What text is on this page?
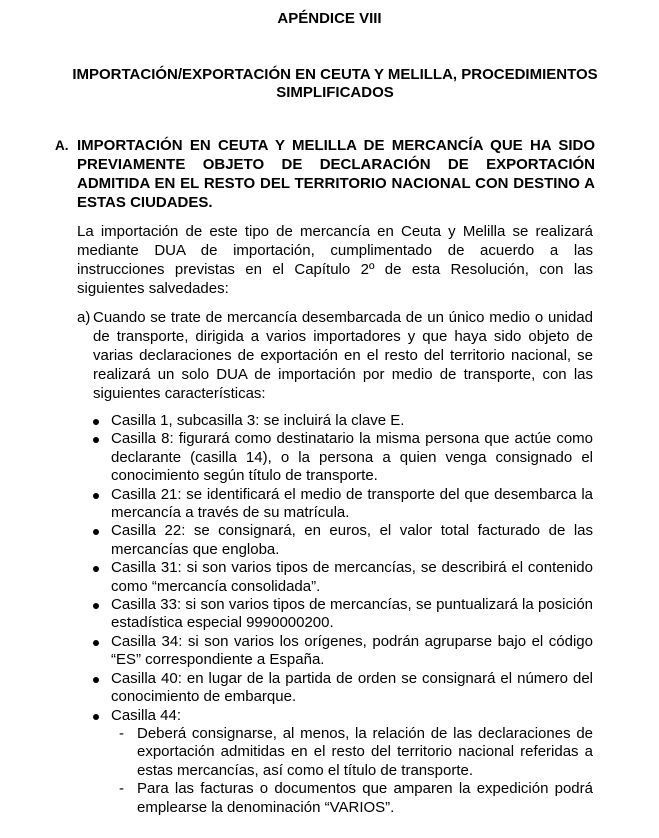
APÉNDICE VIII
IMPORTACIÓN/EXPORTACIÓN EN CEUTA Y MELILLA, PROCEDIMIENTOS
SIMPLIFICADOS
A. IMPORTACIÓN EN CEUTA Y MELILLA DE MERCANCÍA QUE HA SIDO PREVIAMENTE OBJETO DE DECLARACIÓN DE EXPORTACIÓN ADMITIDA EN EL RESTO DEL TERRITORIO NACIONAL CON DESTINO A ESTAS CIUDADES.

La importación de este tipo de mercancía en Ceuta y Melilla se realizará mediante DUA de importación, cumplimentado de acuerdo a las instrucciones previstas en el Capítulo 2º de esta Resolución, con las siguientes salvedades:

a) Cuando se trate de mercancía desembarcada de un único medio o unidad de transporte, dirigida a varios importadores y que haya sido objeto de varias declaraciones de exportación en el resto del territorio nacional, se realizará un solo DUA de importación por medio de transporte, con las siguientes características:

Casilla 1, subcasilla 3: se incluirá la clave E.
Casilla 8: figurará como destinatario la misma persona que actúe como declarante (casilla 14), o la persona a quien venga consignado el conocimiento según título de transporte.
Casilla 21: se identificará el medio de transporte del que desembarca la mercancía a través de su matrícula.
Casilla 22: se consignará, en euros, el valor total facturado de las mercancías que engloba.
Casilla 31: si son varios tipos de mercancías, se describirá el contenido como “mercancía consolidada”.
Casilla 33: si son varios tipos de mercancías, se puntualizará la posición estadística especial 9990000200.
Casilla 34: si son varios los orígenes, podrán agruparse bajo el código “ES” correspondiente a España.
Casilla 40: en lugar de la partida de orden se consignará el número del conocimiento de embarque.
Casilla 44:
- Deberá consignarse, al menos, la relación de las declaraciones de exportación admitidas en el resto del territorio nacional referidas a estas mercancías, así como el título de transporte.
- Para las facturas o documentos que amparen la expedición podrá emplearse la denominación “VARIOS”.
